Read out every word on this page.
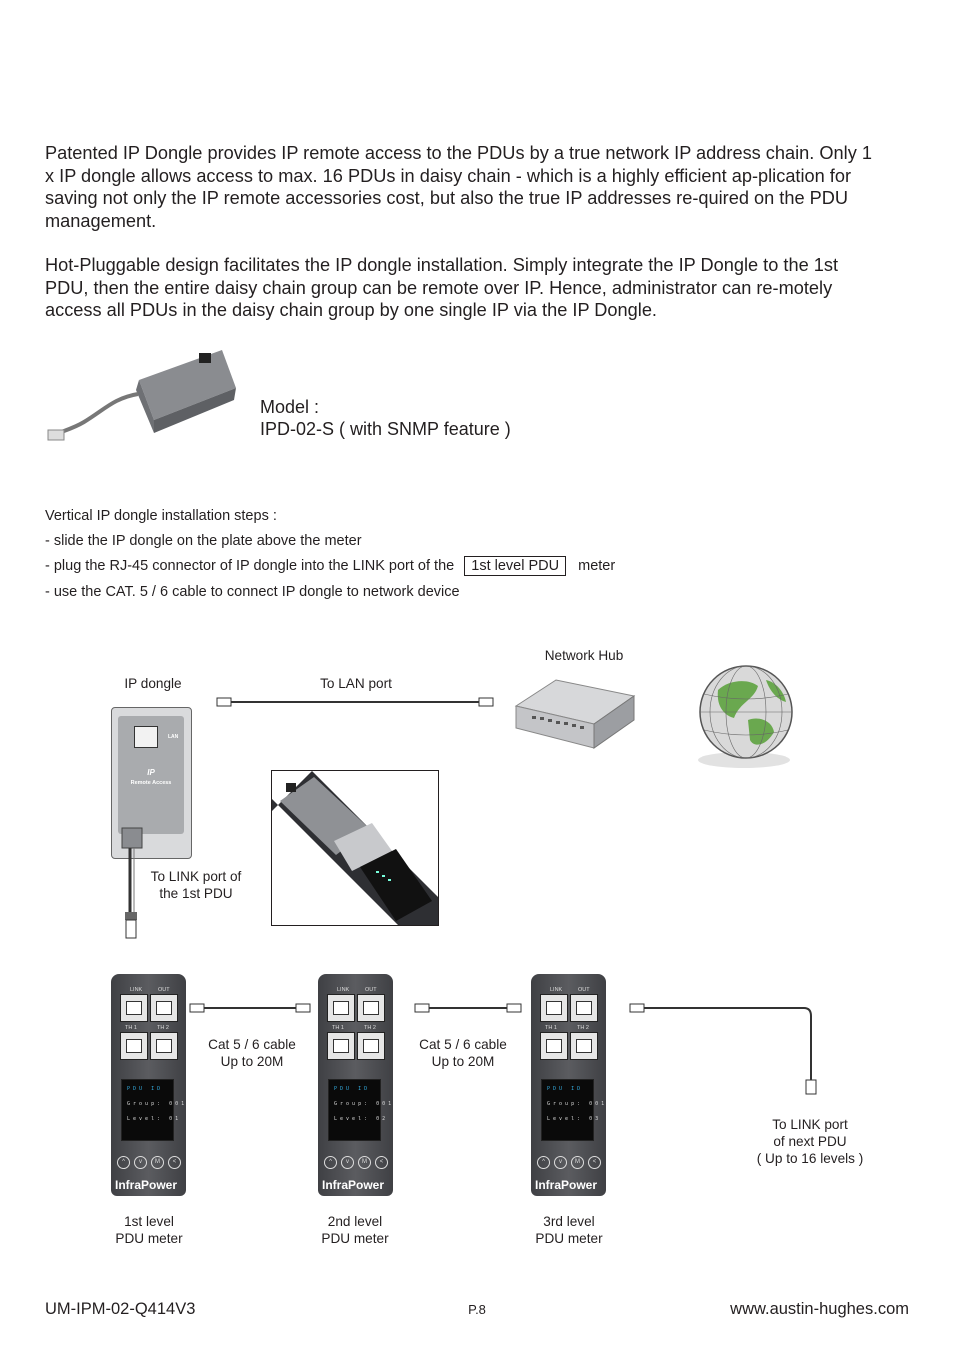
Patented IP Dongle provides IP remote access to the PDUs by a true network IP address chain. Only 1 x IP dongle allows access to max. 16 PDUs in daisy chain - which is a highly efficient ap-plication for saving not only the IP remote accessories cost, but also the true IP addresses re-quired on the PDU management.

Hot-Pluggable design facilitates the IP dongle installation. Simply integrate the IP Dongle to the 1st PDU, then the entire daisy chain group can be remote over IP. Hence, administrator can re-motely access all PDUs in the daisy chain group by one single IP via the IP Dongle.

Model :
IPD-02-S ( with SNMP feature )
Vertical IP dongle installation steps :
- slide the IP dongle on the plate above the meter
- plug the RJ-45 connector of IP dongle into the LINK port of the 1st level PDU meter
- use the CAT. 5 / 6 cable to connect IP dongle to network device
Network Hub
IP dongle	To LAN port
LAN
IP
Remote Access
To LINK port of
the 1st PDU
LINK	OUT
TH 1	TH 2
P D U   I D
G r o u p :   0 0 1
L e v e l :   0 1
^	v	M	<
InfraPower
LINK	OUT
TH 1	TH 2
P D U   I D
G r o u p :   0 0 1
L e v e l :   0 2
^	v	M	<
InfraPower
LINK	OUT
TH 1	TH 2
P D U   I D
G r o u p :   0 0 1
L e v e l :   0 3
^	v	M	<
InfraPower
Cat 5 / 6 cable
Up to 20M
Cat 5 / 6 cable
Up to 20M
To LINK port
of next PDU
( Up to 16 levels )
1st level
PDU meter
2nd level
PDU meter
3rd level
PDU meter
UM-IPM-02-Q414V3	P.8	www.austin-hughes.com
